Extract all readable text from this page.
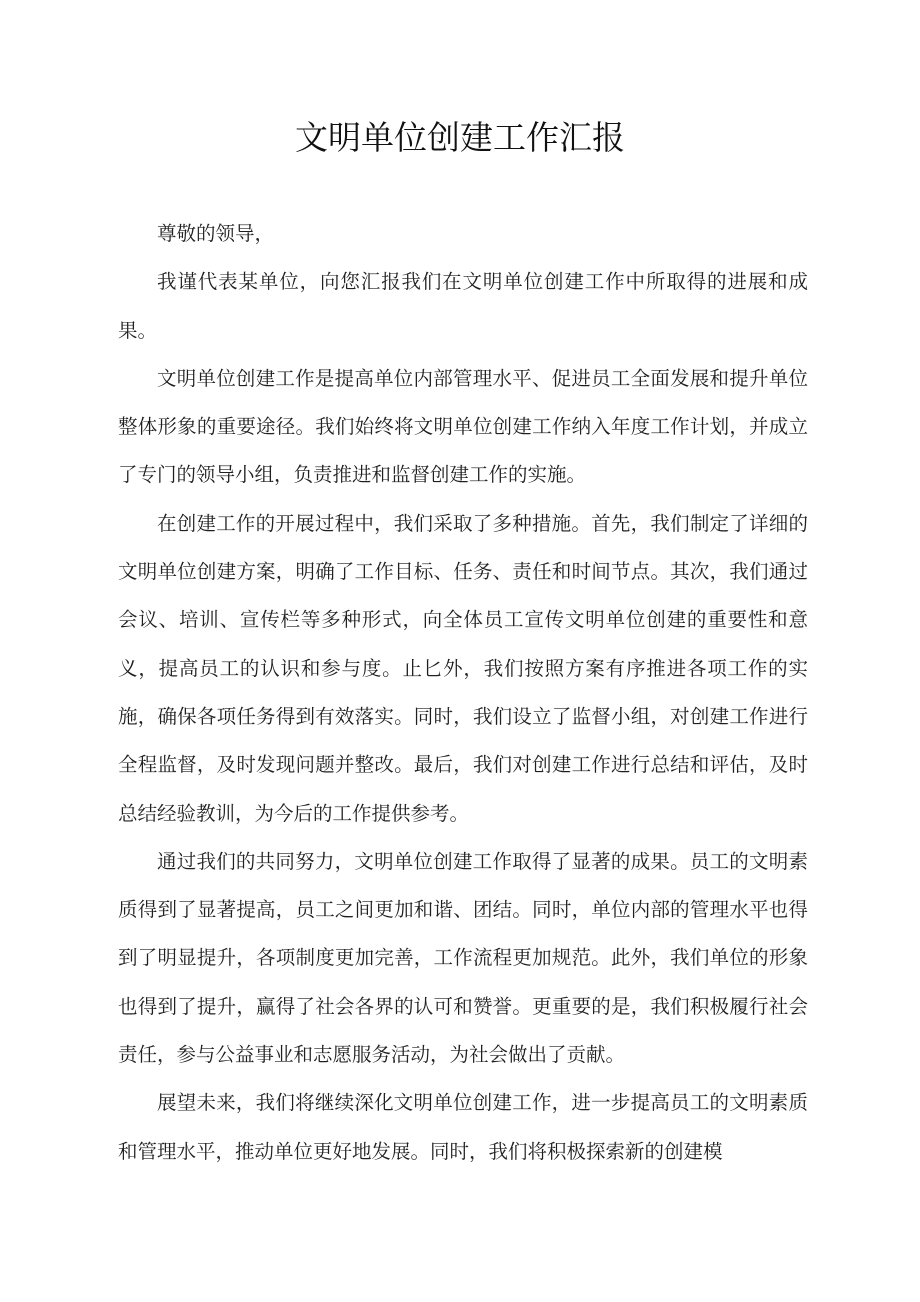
文明单位创建工作汇报

尊敬的领导，

我谨代表某单位，向您汇报我们在文明单位创建工作中所取得的进展和成果。

文明单位创建工作是提高单位内部管理水平、促进员工全面发展和提升单位整体形象的重要途径。我们始终将文明单位创建工作纳入年度工作计划，并成立了专门的领导小组，负责推进和监督创建工作的实施。

在创建工作的开展过程中，我们采取了多种措施。首先，我们制定了详细的文明单位创建方案，明确了工作目标、任务、责任和时间节点。其次，我们通过会议、培训、宣传栏等多种形式，向全体员工宣传文明单位创建的重要性和意义，提高员工的认识和参与度。止匕外，我们按照方案有序推进各项工作的实施，确保各项任务得到有效落实。同时，我们设立了监督小组，对创建工作进行全程监督，及时发现问题并整改。最后，我们对创建工作进行总结和评估，及时总结经验教训，为今后的工作提供参考。

通过我们的共同努力，文明单位创建工作取得了显著的成果。员工的文明素质得到了显著提高，员工之间更加和谐、团结。同时，单位内部的管理水平也得到了明显提升，各项制度更加完善，工作流程更加规范。此外，我们单位的形象也得到了提升，赢得了社会各界的认可和赞誉。更重要的是，我们积极履行社会责任，参与公益事业和志愿服务活动，为社会做出了贡献。

展望未来，我们将继续深化文明单位创建工作，进一步提高员工的文明素质和管理水平，推动单位更好地发展。同时，我们将积极探索新的创建模
